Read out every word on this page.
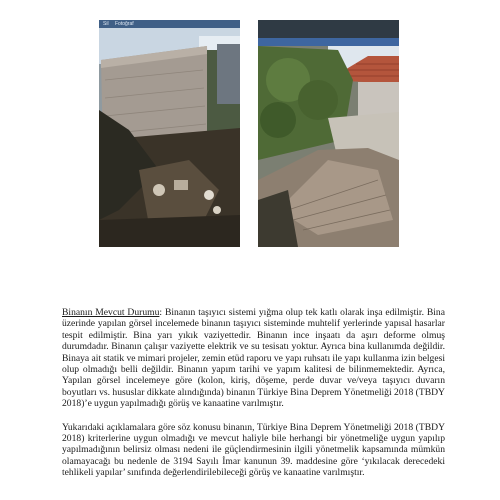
Sil Fotoğraf

Binanın Mevcut Durumu: Binanın taşıyıcı sistemi yığma olup tek katlı olarak inşa edilmiştir. Bina üzerinde yapılan görsel incelemede binanın taşıyıcı sisteminde muhtelif yerlerinde yapısal hasarlar tespit edilmiştir. Bina yarı yıkık vaziyettedir. Binanın ince inşaatı da aşırı deforme olmuş durumdadır. Binanın çalışır vaziyette elektrik ve su tesisatı yoktur. Ayrıca bina kullanımda değildir. Binaya ait statik ve mimari projeler, zemin etüd raporu ve yapı ruhsatı ile yapı kullanma izin belgesi olup olmadığı belli değildir. Binanın yapım tarihi ve yapım kalitesi de bilinmemektedir. Ayrıca, Yapılan görsel incelemeye göre (kolon, kiriş, döşeme, perde duvar ve/veya taşıyıcı duvarın boyutları vs. hususlar dikkate alındığında) binanın Türkiye Bina Deprem Yönetmeliği 2018 (TBDY 2018)’e uygun yapılmadığı görüş ve kanaatine varılmıştır.

Yukarıdaki açıklamalara göre söz konusu binanın, Türkiye Bina Deprem Yönetmeliği 2018 (TBDY 2018) kriterlerine uygun olmadığı ve mevcut haliyle bile herhangi bir yönetmeliğe uygun yapılıp yapılmadığının belirsiz olması nedeni ile güçlendirmesinin ilgili yönetmelik kapsamında mümkün olamayacağı bu nedenle de 3194 Sayılı İmar kanunun 39. maddesine göre ‘yıkılacak derecedeki tehlikeli yapılar’ sınıfında değerlendirilebileceği görüş ve kanaatine varılmıştır.
